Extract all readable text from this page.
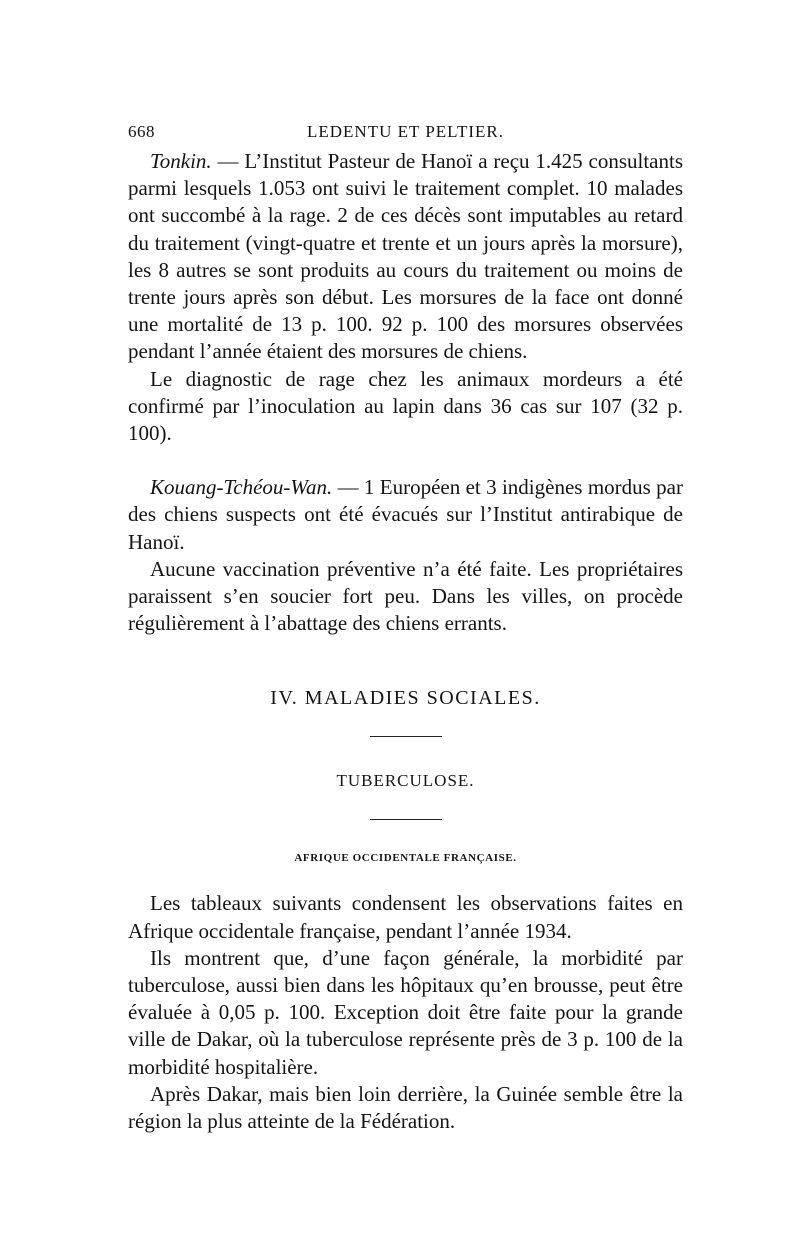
668	LEDENTU ET PELTIER.

Tonkin. — L’Institut Pasteur de Hanoï a reçu 1.425 consultants parmi lesquels 1.053 ont suivi le traitement complet. 10 malades ont succombé à la rage. 2 de ces décès sont imputables au retard du traitement (vingt-quatre et trente et un jours après la morsure), les 8 autres se sont produits au cours du traitement ou moins de trente jours après son début. Les morsures de la face ont donné une mortalité de 13 p. 100. 92 p. 100 des morsures observées pendant l’année étaient des morsures de chiens.

Le diagnostic de rage chez les animaux mordeurs a été confirmé par l’inoculation au lapin dans 36 cas sur 107 (32 p. 100).

Kouang-Tchéou-Wan. — 1 Européen et 3 indigènes mordus par des chiens suspects ont été évacués sur l’Institut antirabique de Hanoï.

Aucune vaccination préventive n’a été faite. Les propriétaires paraissent s’en soucier fort peu. Dans les villes, on procède régulièrement à l’abattage des chiens errants.

IV. MALADIES SOCIALES.
TUBERCULOSE.
AFRIQUE OCCIDENTALE FRANÇAISE.

Les tableaux suivants condensent les observations faites en Afrique occidentale française, pendant l’année 1934.

Ils montrent que, d’une façon générale, la morbidité par tuberculose, aussi bien dans les hôpitaux qu’en brousse, peut être évaluée à 0,05 p. 100. Exception doit être faite pour la grande ville de Dakar, où la tuberculose représente près de 3 p. 100 de la morbidité hospitalière.

Après Dakar, mais bien loin derrière, la Guinée semble être la région la plus atteinte de la Fédération.
